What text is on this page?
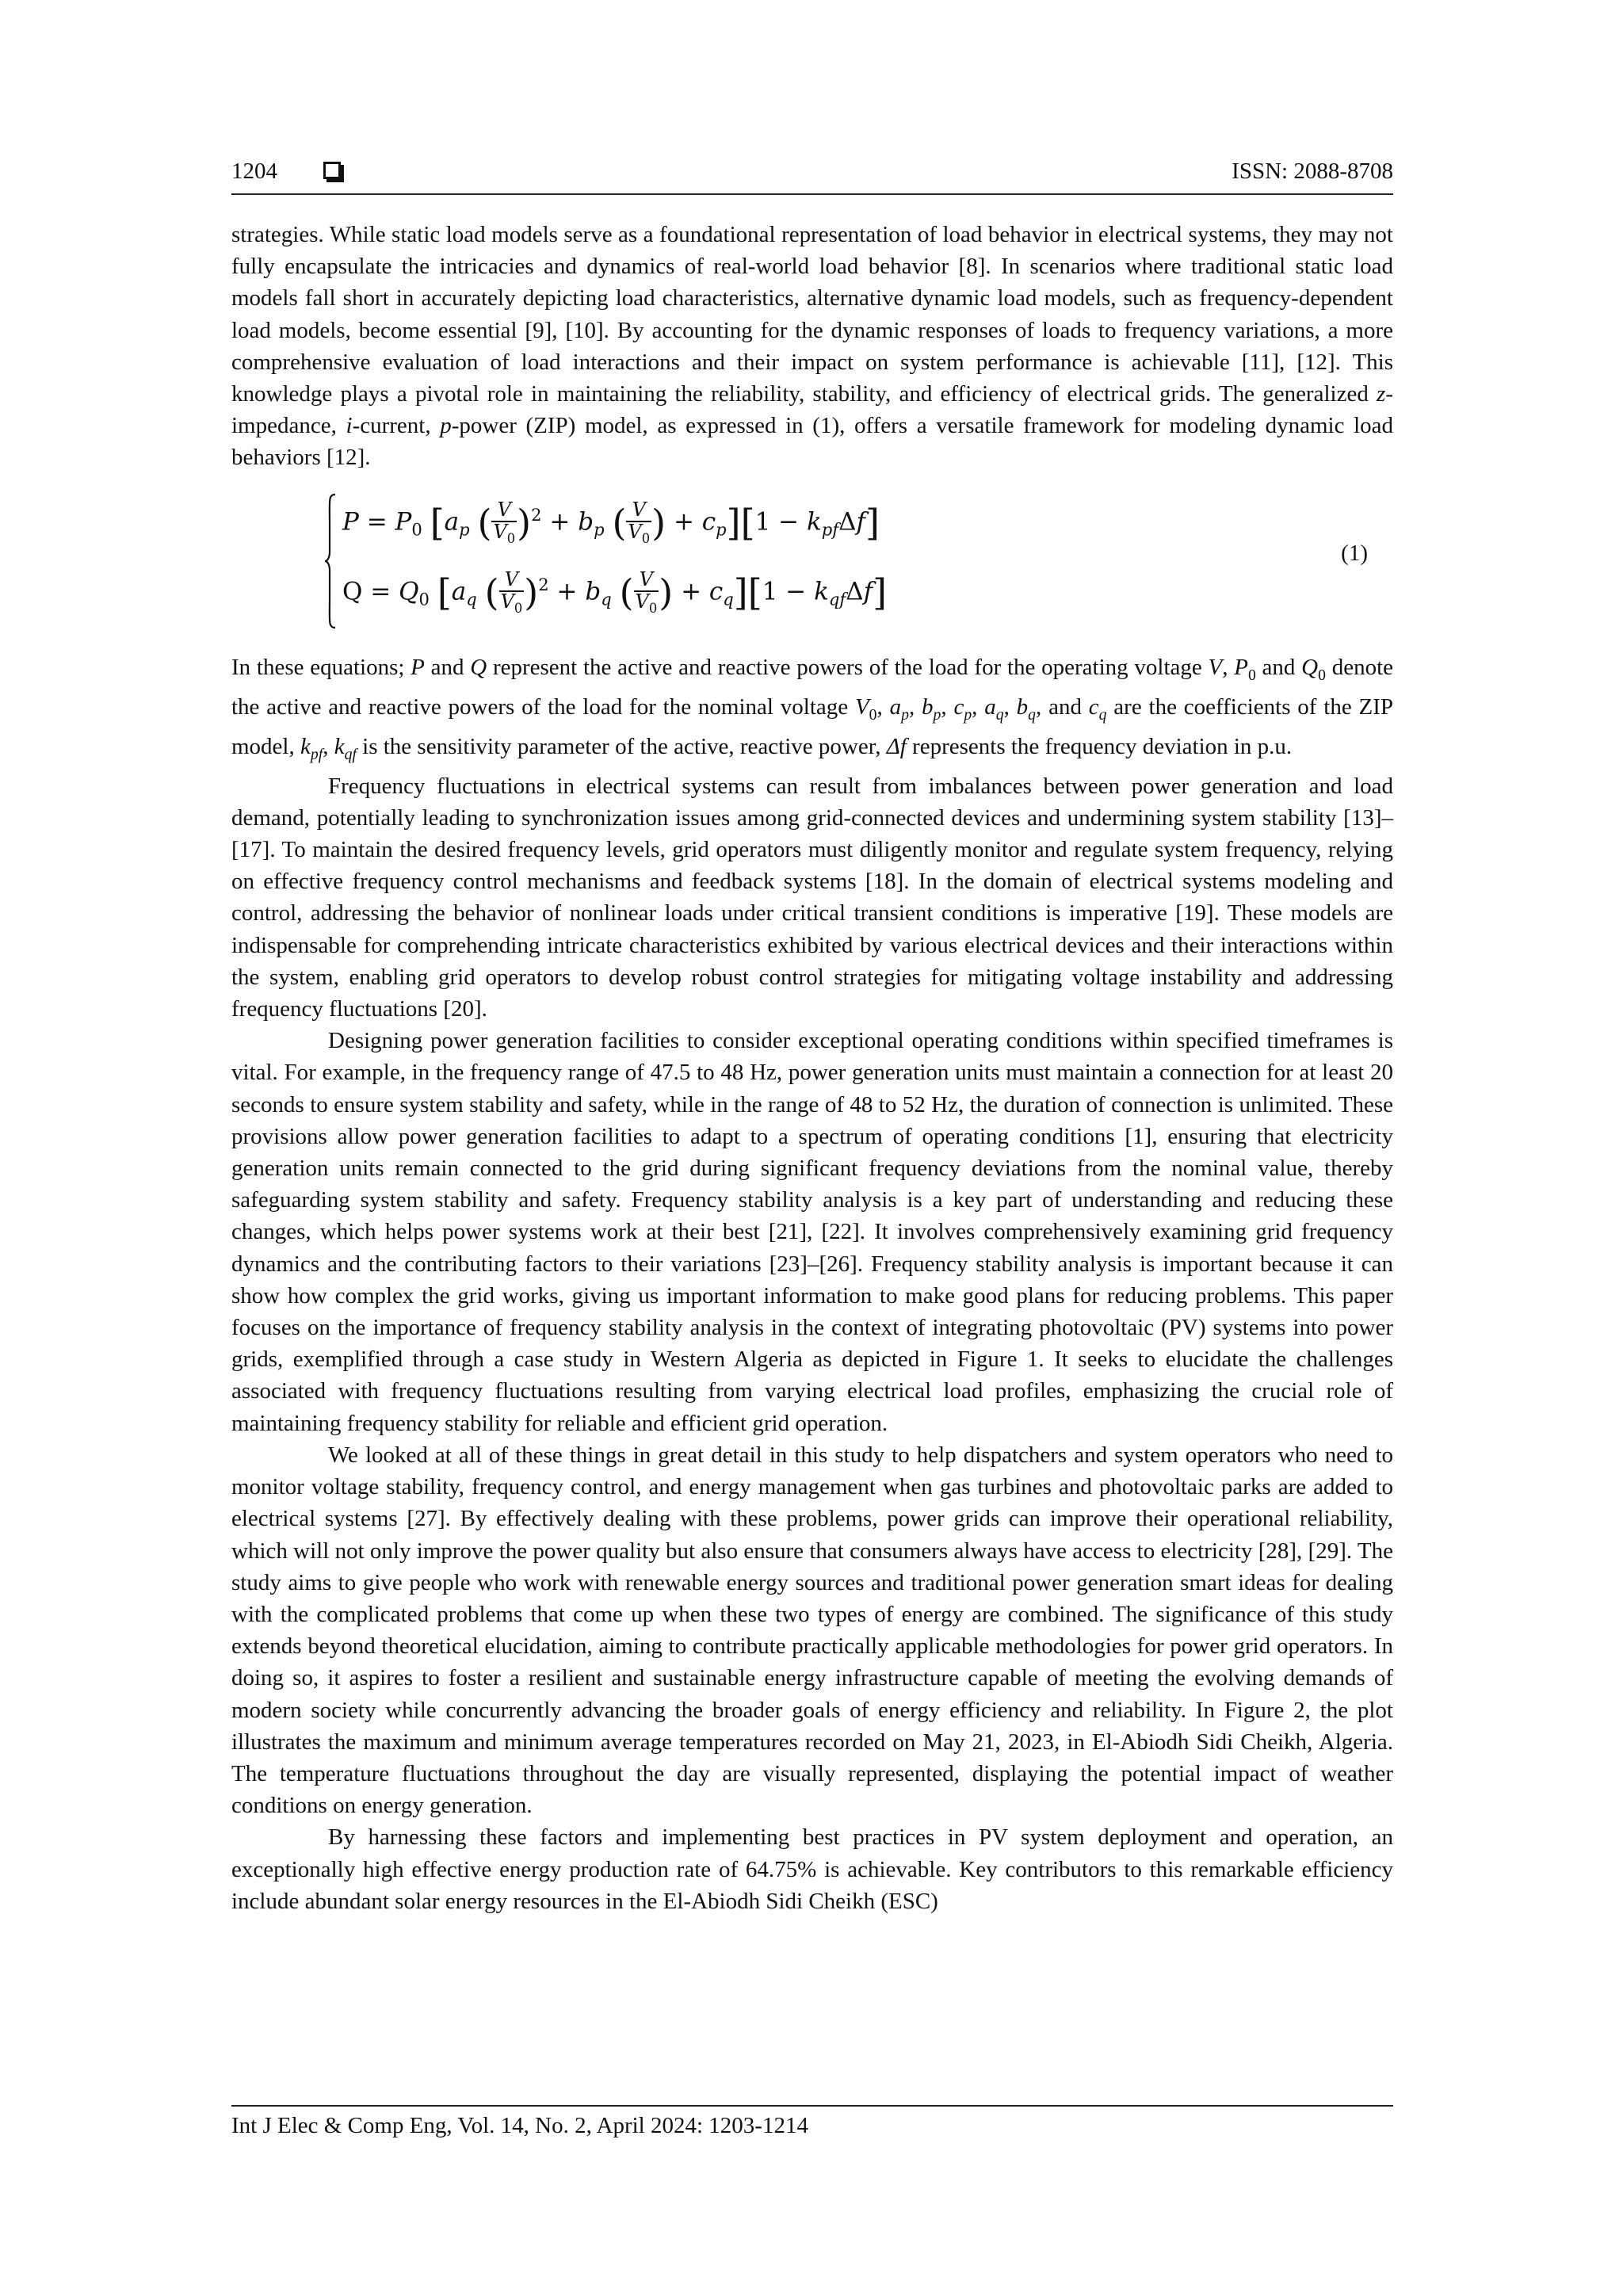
1204	ISSN: 2088-8708

strategies. While static load models serve as a foundational representation of load behavior in electrical systems, they may not fully encapsulate the intricacies and dynamics of real-world load behavior [8]. In scenarios where traditional static load models fall short in accurately depicting load characteristics, alternative dynamic load models, such as frequency-dependent load models, become essential [9], [10]. By accounting for the dynamic responses of loads to frequency variations, a more comprehensive evaluation of load interactions and their impact on system performance is achievable [11], [12]. This knowledge plays a pivotal role in maintaining the reliability, stability, and efficiency of electrical grids. The generalized z-impedance, i-current, p-power (ZIP) model, as expressed in (1), offers a versatile framework for modeling dynamic load behaviors [12].

$P = P_0$ [$a_p$ ( $\frac{V}{V_0} )^2 + b_p$ ( $\frac{V}{V_0}$ ) + $c_p][1 - k_{pf}\Delta f]$
$Q = Q_0$ [$a_q$ ( $\frac{V}{V_0} )^2 + b_q$ ( $\frac{V}{V_0}$ ) + $c_q][1 - k_{qf}\Delta f]$
(1)

In these equations; P and Q represent the active and reactive powers of the load for the operating voltage V, $P_0$ and $Q_0$ denote the active and reactive powers of the load for the nominal voltage $V_0$, $a_p$, $b_p$, $c_p$, $a_q$, $b_q$, and $c_q$ are the coefficients of the ZIP model, $k_{pf}$, $k_{qf}$ is the sensitivity parameter of the active, reactive power, Δf represents the frequency deviation in p.u.

Frequency fluctuations in electrical systems can result from imbalances between power generation and load demand, potentially leading to synchronization issues among grid-connected devices and undermining system stability [13]–[17]. To maintain the desired frequency levels, grid operators must diligently monitor and regulate system frequency, relying on effective frequency control mechanisms and feedback systems [18]. In the domain of electrical systems modeling and control, addressing the behavior of nonlinear loads under critical transient conditions is imperative [19]. These models are indispensable for comprehending intricate characteristics exhibited by various electrical devices and their interactions within the system, enabling grid operators to develop robust control strategies for mitigating voltage instability and addressing frequency fluctuations [20].

Designing power generation facilities to consider exceptional operating conditions within specified timeframes is vital. For example, in the frequency range of 47.5 to 48 Hz, power generation units must maintain a connection for at least 20 seconds to ensure system stability and safety, while in the range of 48 to 52 Hz, the duration of connection is unlimited. These provisions allow power generation facilities to adapt to a spectrum of operating conditions [1], ensuring that electricity generation units remain connected to the grid during significant frequency deviations from the nominal value, thereby safeguarding system stability and safety. Frequency stability analysis is a key part of understanding and reducing these changes, which helps power systems work at their best [21], [22]. It involves comprehensively examining grid frequency dynamics and the contributing factors to their variations [23]–[26]. Frequency stability analysis is important because it can show how complex the grid works, giving us important information to make good plans for reducing problems. This paper focuses on the importance of frequency stability analysis in the context of integrating photovoltaic (PV) systems into power grids, exemplified through a case study in Western Algeria as depicted in Figure 1. It seeks to elucidate the challenges associated with frequency fluctuations resulting from varying electrical load profiles, emphasizing the crucial role of maintaining frequency stability for reliable and efficient grid operation.

We looked at all of these things in great detail in this study to help dispatchers and system operators who need to monitor voltage stability, frequency control, and energy management when gas turbines and photovoltaic parks are added to electrical systems [27]. By effectively dealing with these problems, power grids can improve their operational reliability, which will not only improve the power quality but also ensure that consumers always have access to electricity [28], [29]. The study aims to give people who work with renewable energy sources and traditional power generation smart ideas for dealing with the complicated problems that come up when these two types of energy are combined. The significance of this study extends beyond theoretical elucidation, aiming to contribute practically applicable methodologies for power grid operators. In doing so, it aspires to foster a resilient and sustainable energy infrastructure capable of meeting the evolving demands of modern society while concurrently advancing the broader goals of energy efficiency and reliability. In Figure 2, the plot illustrates the maximum and minimum average temperatures recorded on May 21, 2023, in El-Abiodh Sidi Cheikh, Algeria. The temperature fluctuations throughout the day are visually represented, displaying the potential impact of weather conditions on energy generation.

By harnessing these factors and implementing best practices in PV system deployment and operation, an exceptionally high effective energy production rate of 64.75% is achievable. Key contributors to this remarkable efficiency include abundant solar energy resources in the El-Abiodh Sidi Cheikh (ESC)

Int J Elec & Comp Eng, Vol. 14, No. 2, April 2024: 1203-1214
